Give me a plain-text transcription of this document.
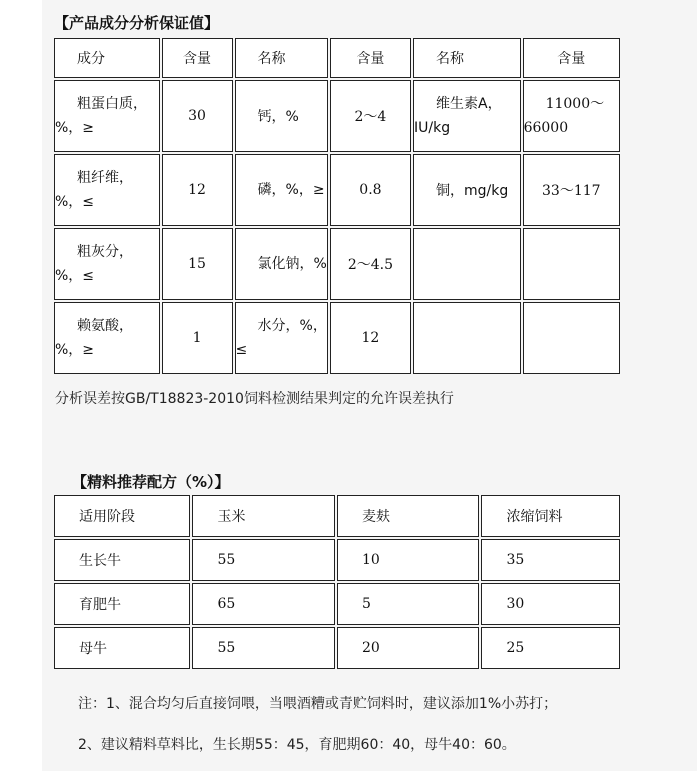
【产品成分分析保证值】
成分	含量	名称	含量	名称	含量

粗蛋白质，%，≥	30	钙，%	2～4	维生素A，IU/kg	11000～66000

粗纤维，%，≤	12	磷，%，≥	0.8	铜，mg/kg	33～117

粗灰分，%，≤	15	氯化钠，%	2～4.5		

赖氨酸，%，≥	1	水分，%，≤	12		
分析误差按GB/T18823-2010饲料检测结果判定的允许误差执行
【精料推荐配方（%）】
适用阶段	玉米	麦麸	浓缩饲料
生长牛	55	10	35
育肥牛	65	5	30
母牛	55	20	25
注：1、混合均匀后直接饲喂，当喂酒糟或青贮饲料时，建议添加1%小苏打；
2、建议精料草料比，生长期55：45，育肥期60：40，母牛40：60。
